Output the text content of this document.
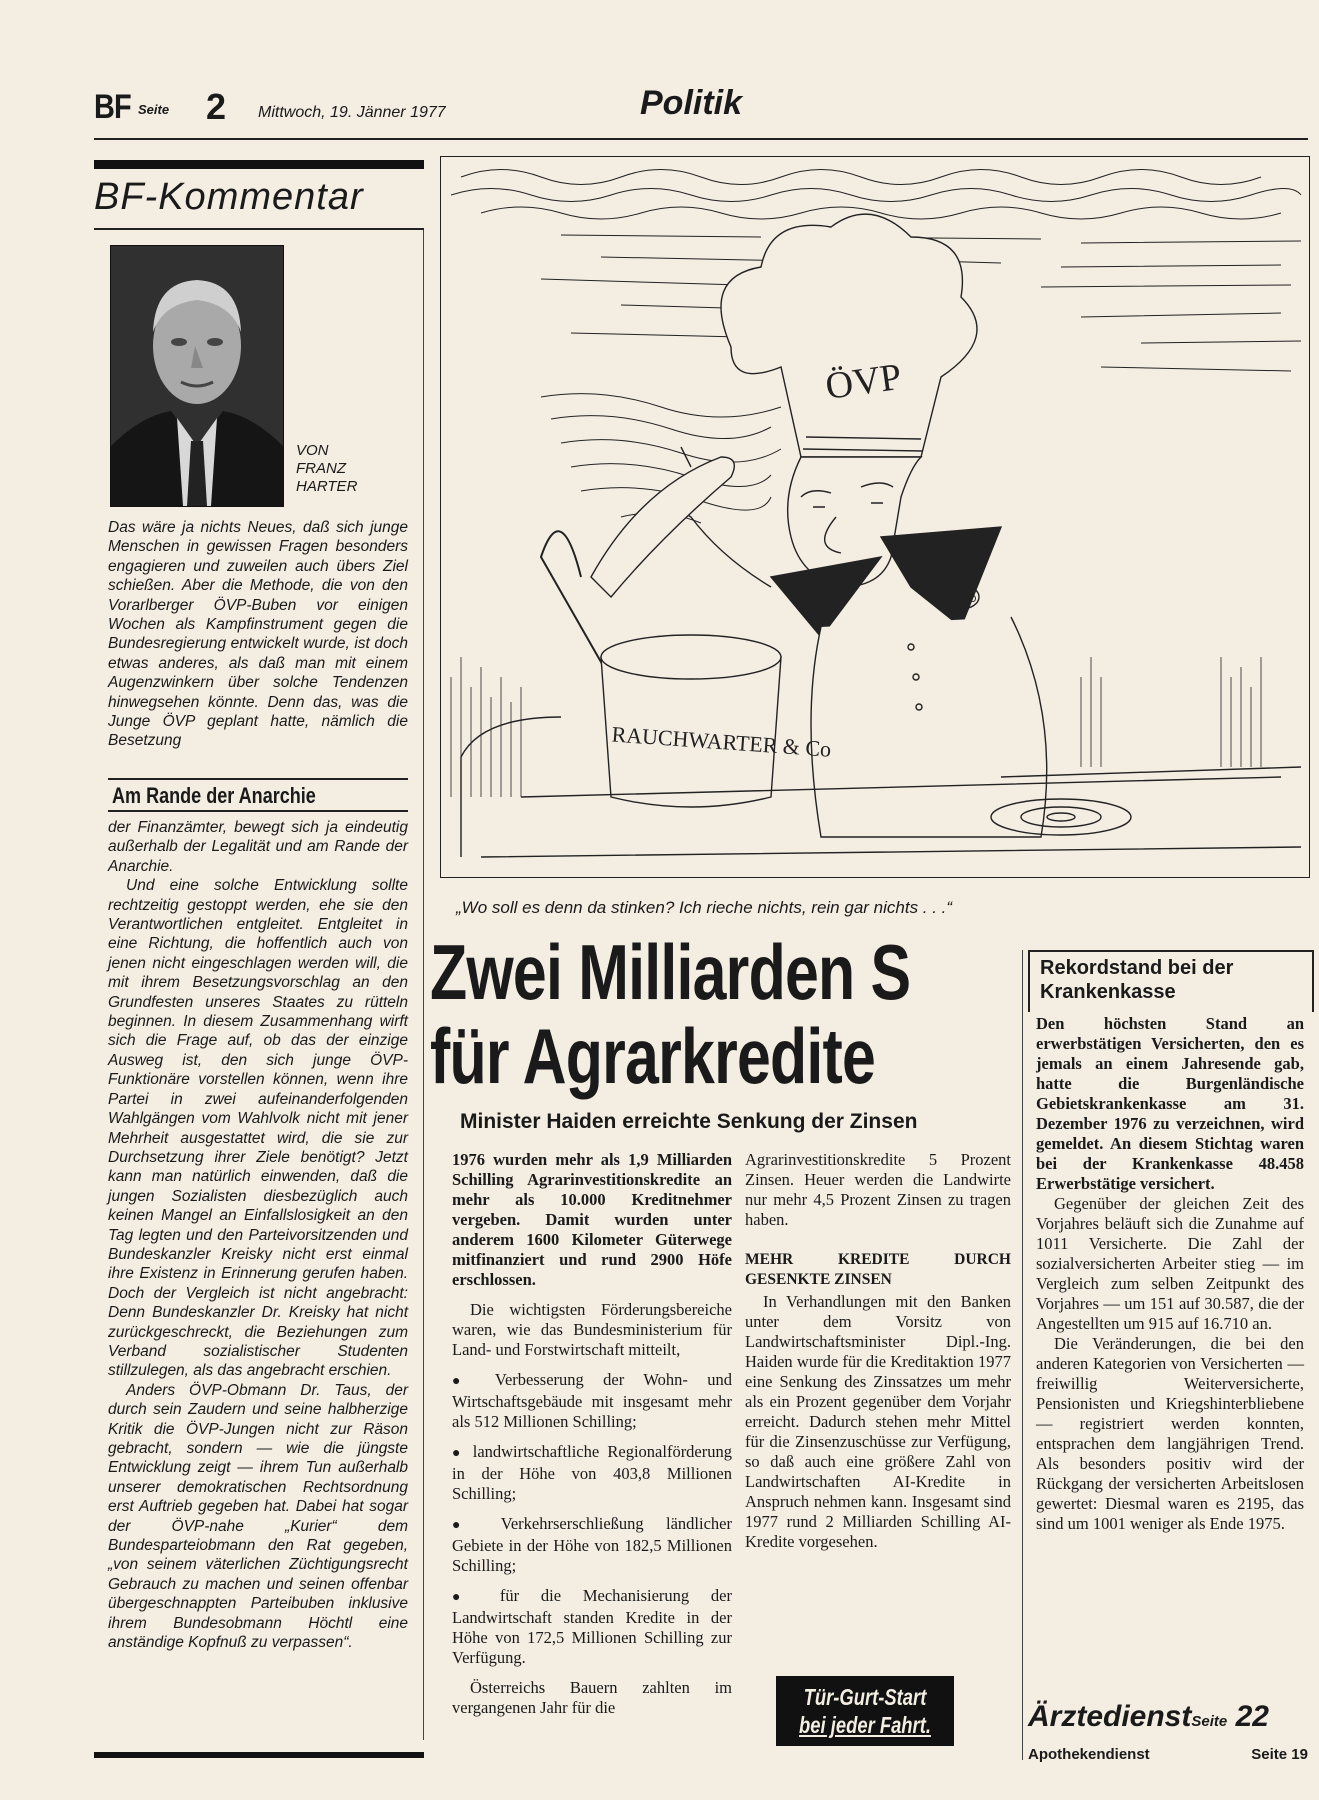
BF Seite 2 Mittwoch, 19. Jänner 1977	Politik
BF-Kommentar
VON
FRANZ
HARTER

Das wäre ja nichts Neues, daß sich junge Menschen in gewissen Fragen besonders engagieren und zuweilen auch übers Ziel schießen. Aber die Methode, die von den Vorarlberger ÖVP-Buben vor einigen Wochen als Kampfinstrument gegen die Bundesregierung entwickelt wurde, ist doch etwas anderes, als daß man mit einem Augenzwinkern über solche Tendenzen hinwegsehen könnte. Denn das, was die Junge ÖVP geplant hatte, nämlich die Besetzung

Am Rande der Anarchie

der Finanzämter, bewegt sich ja eindeutig außerhalb der Legalität und am Rande der Anarchie.

Und eine solche Entwicklung sollte rechtzeitig gestoppt werden, ehe sie den Verantwortlichen entgleitet. Entgleitet in eine Richtung, die hoffentlich auch von jenen nicht eingeschlagen werden will, die mit ihrem Besetzungsvorschlag an den Grundfesten unseres Staates zu rütteln beginnen. In diesem Zusammenhang wirft sich die Frage auf, ob das der einzige Ausweg ist, den sich junge ÖVP-Funktionäre vorstellen können, wenn ihre Partei in zwei aufeinanderfolgenden Wahlgängen vom Wahlvolk nicht mit jener Mehrheit ausgestattet wird, die sie zur Durchsetzung ihrer Ziele benötigt? Jetzt kann man natürlich einwenden, daß die jungen Sozialisten diesbezüglich auch keinen Mangel an Einfallslosigkeit an den Tag legten und den Parteivorsitzenden und Bundeskanzler Kreisky nicht erst einmal ihre Existenz in Erinnerung gerufen haben. Doch der Vergleich ist nicht angebracht: Denn Bundeskanzler Dr. Kreisky hat nicht zurückgeschreckt, die Beziehungen zum Verband sozialistischer Studenten stillzulegen, als das angebracht erschien.

Anders ÖVP-Obmann Dr. Taus, der durch sein Zaudern und seine halbherzige Kritik die ÖVP-Jungen nicht zur Räson gebracht, sondern — wie die jüngste Entwicklung zeigt — ihrem Tun außerhalb unserer demokratischen Rechtsordnung erst Auftrieb gegeben hat. Dabei hat sogar der ÖVP-nahe „Kurier“ dem Bundesparteiobmann den Rat gegeben, „von seinem väterlichen Züchtigungsrecht Gebrauch zu machen und seinen offenbar übergeschnappten Parteibuben inklusive ihrem Bundesobmann Höchtl eine anständige Kopfnuß zu verpassen“.

ÖVP
SORO
RAUCHWARTER & Co
„Wo soll es denn da stinken? Ich rieche nichts, rein gar nichts . . .“
Zwei Milliarden S
für Agrarkredite
Minister Haiden erreichte Senkung der Zinsen

1976 wurden mehr als 1,9 Milliarden Schilling Agrarinvestitionskredite an mehr als 10.000 Kreditnehmer vergeben. Damit wurden unter anderem 1600 Kilometer Güterwege mitfinanziert und rund 2900 Höfe erschlossen.

Die wichtigsten Förderungsbereiche waren, wie das Bundesministerium für Land- und Forstwirtschaft mitteilt,

● Verbesserung der Wohn- und Wirtschaftsgebäude mit insgesamt mehr als 512 Millionen Schilling;

● landwirtschaftliche Regionalförderung in der Höhe von 403,8 Millionen Schilling;

● Verkehrserschließung ländlicher Gebiete in der Höhe von 182,5 Millionen Schilling;

● für die Mechanisierung der Landwirtschaft standen Kredite in der Höhe von 172,5 Millionen Schilling zur Verfügung.

Österreichs Bauern zahlten im vergangenen Jahr für die

Agrarinvestitionskredite 5 Prozent Zinsen. Heuer werden die Landwirte nur mehr 4,5 Prozent Zinsen zu tragen haben.

MEHR KREDITE DURCH GESENKTE ZINSEN

In Verhandlungen mit den Banken unter dem Vorsitz von Landwirtschaftsminister Dipl.-Ing. Haiden wurde für die Kreditaktion 1977 eine Senkung des Zinssatzes um mehr als ein Prozent gegenüber dem Vorjahr erreicht. Dadurch stehen mehr Mittel für die Zinsenzuschüsse zur Verfügung, so daß auch eine größere Zahl von Landwirtschaften AI-Kredite in Anspruch nehmen kann. Insgesamt sind 1977 rund 2 Milliarden Schilling AI-Kredite vorgesehen.

Tür-Gurt-Start
bei jeder Fahrt.
Rekordstand bei der Krankenkasse

Den höchsten Stand an erwerbstätigen Versicherten, den es jemals an einem Jahresende gab, hatte die Burgenländische Gebietskrankenkasse am 31. Dezember 1976 zu verzeichnen, wird gemeldet. An diesem Stichtag waren bei der Krankenkasse 48.458 Erwerbstätige versichert.

Gegenüber der gleichen Zeit des Vorjahres beläuft sich die Zunahme auf 1011 Versicherte. Die Zahl der sozialversicherten Arbeiter stieg — im Vergleich zum selben Zeitpunkt des Vorjahres — um 151 auf 30.587, die der Angestellten um 915 auf 16.710 an.

Die Veränderungen, die bei den anderen Kategorien von Versicherten — freiwillig Weiterversicherte, Pensionisten und Kriegshinterbliebene — registriert werden konnten, entsprachen dem langjährigen Trend. Als besonders positiv wird der Rückgang der versicherten Arbeitslosen gewertet: Diesmal waren es 2195, das sind um 1001 weniger als Ende 1975.

ÄrztedienstSeite 22
Apothekendienst	Seite 19
